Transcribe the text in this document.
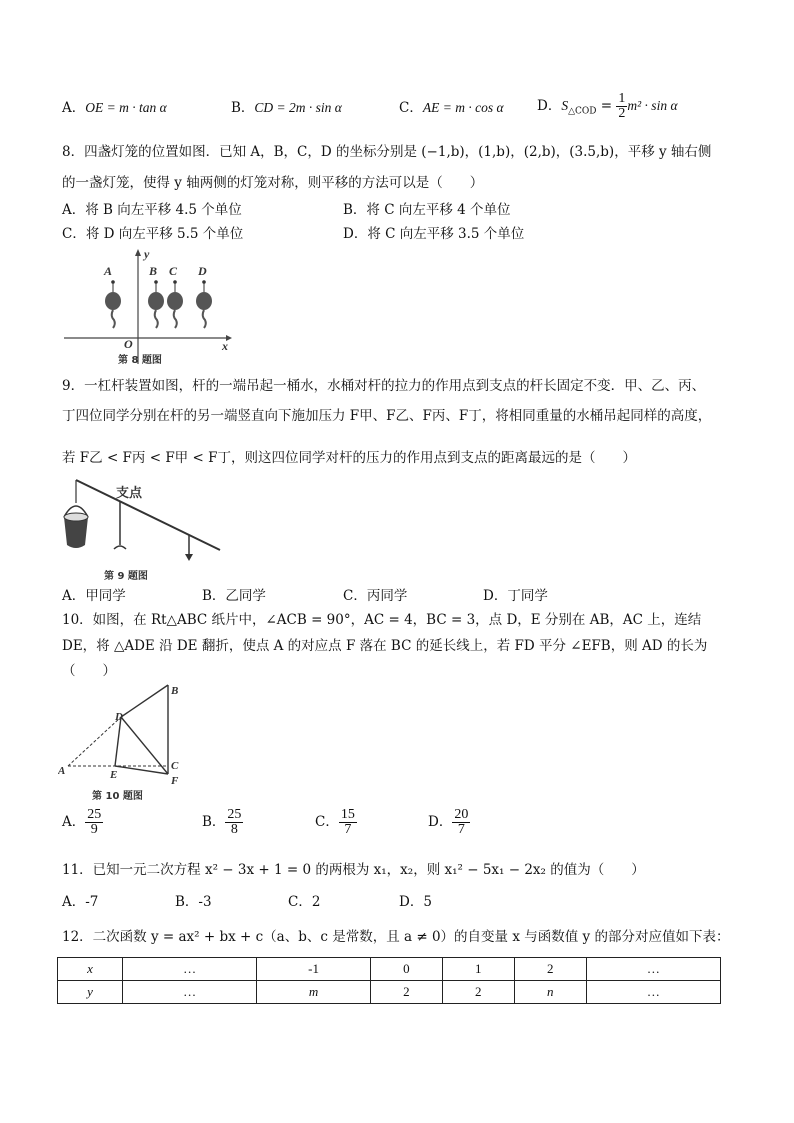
A．OE = m · tan α	B．CD = 2m · sin α	C．AE = m · cos α D．$S_{\triangle COD} = \frac{1}{2} m^2 \cdot \sin \alpha$
8．四盏灯笼的位置如图．已知 A，B，C，D 的坐标分别是 (−1,b)，(1,b)，(2,b)，(3.5,b)，平移 y 轴右侧
的一盏灯笼，使得 y 轴两侧的灯笼对称，则平移的方法可以是（　　）
A．将 B 向左平移 4.5 个单位	B．将 C 向左平移 4 个单位
C．将 D 向左平移 5.5 个单位	D．将 C 向左平移 3.5 个单位
y
x
O
A	B C D
第 8 题图
9．一杠杆装置如图，杆的一端吊起一桶水，水桶对杆的拉力的作用点到支点的杆长固定不变．甲、乙、丙、
丁四位同学分别在杆的另一端竖直向下施加压力 F甲、F乙、F丙、F丁，将相同重量的水桶吊起同样的高度，
若 F乙 < F丙 < F甲 < F丁，则这四位同学对杆的压力的作用点到支点的距离最远的是（　　）
支点
第 9 题图
A．甲同学	B．乙同学	C．丙同学	D．丁同学
10．如图，在 Rt△ABC 纸片中，∠ACB = 90°，AC = 4，BC = 3，点 D，E 分别在 AB，AC 上，连结
DE，将 △ADE 沿 DE 翻折，使点 A 的对应点 F 落在 BC 的延长线上，若 FD 平分 ∠EFB，则 AD 的长为
（　　）
A
B
C
D
E	F
第 10 题图
A． $\frac{25}{9}$	B． $\frac{25}{8}$	C． $\frac{15}{7}$	D． $\frac{20}{7}$
11．已知一元二次方程 x² − 3x + 1 = 0 的两根为 x₁，x₂，则 x₁² − 5x₁ − 2x₂ 的值为（　　）
A．-7	B．-3	C．2	D．5
12．二次函数 y = ax² + bx + c（a、b、c 是常数，且 a ≠ 0）的自变量 x 与函数值 y 的部分对应值如下表：
x	…	-1	0	1	2	…
y	…	m	2	2	n	…
